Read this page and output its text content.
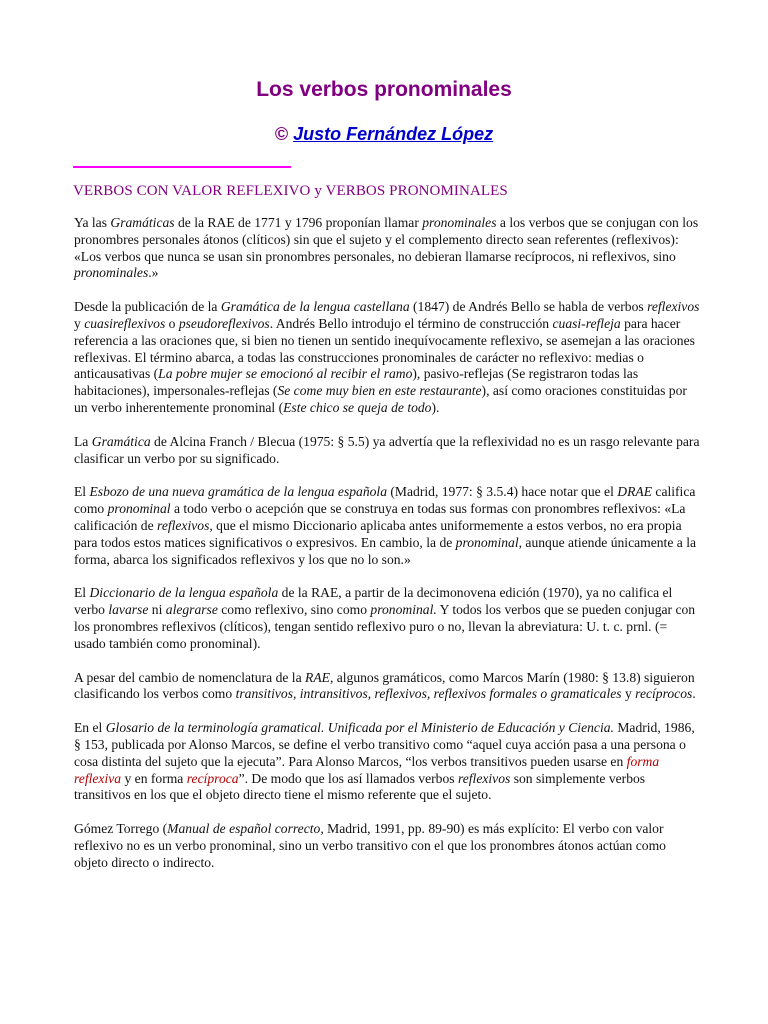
Los verbos pronominales
© Justo Fernández López
VERBOS CON VALOR REFLEXIVO y VERBOS PRONOMINALES

Ya las Gramáticas de la RAE de 1771 y 1796 proponían llamar pronominales a los verbos que se conjugan con los pronombres personales átonos (clíticos) sin que el sujeto y el complemento directo sean referentes (reflexivos): «Los verbos que nunca se usan sin pronombres personales, no debieran llamarse recíprocos, ni reflexivos, sino pronominales.»

Desde la publicación de la Gramática de la lengua castellana (1847) de Andrés Bello se habla de verbos reflexivos y cuasireflexivos o pseudoreflexivos. Andrés Bello introdujo el término de construcción cuasi-refleja para hacer referencia a las oraciones que, si bien no tienen un sentido inequívocamente reflexivo, se asemejan a las oraciones reflexivas. El término abarca, a todas las construcciones pronominales de carácter no reflexivo: medias o anticausativas (La pobre mujer se emocionó al recibir el ramo), pasivo-reflejas (Se registraron todas las habitaciones), impersonales-reflejas (Se come muy bien en este restaurante), así como oraciones constituidas por un verbo inherentemente pronominal (Este chico se queja de todo).

La Gramática de Alcina Franch / Blecua (1975: § 5.5) ya advertía que la reflexividad no es un rasgo relevante para clasificar un verbo por su significado.

El Esbozo de una nueva gramática de la lengua española (Madrid, 1977: § 3.5.4) hace notar que el DRAE califica como pronominal a todo verbo o acepción que se construya en todas sus formas con pronombres reflexivos: «La calificación de reflexivos, que el mismo Diccionario aplicaba antes uniformemente a estos verbos, no era propia para todos estos matices significativos o expresivos. En cambio, la de pronominal, aunque atiende únicamente a la forma, abarca los significados reflexivos y los que no lo son.»

El Diccionario de la lengua española de la RAE, a partir de la decimonovena edición (1970), ya no califica el verbo lavarse ni alegrarse como reflexivo, sino como pronominal. Y todos los verbos que se pueden conjugar con los pronombres reflexivos (clíticos), tengan sentido reflexivo puro o no, llevan la abreviatura: U. t. c. prnl. (= usado también como pronominal).

A pesar del cambio de nomenclatura de la RAE, algunos gramáticos, como Marcos Marín (1980: § 13.8) siguieron clasificando los verbos como transitivos, intransitivos, reflexivos, reflexivos formales o gramaticales y recíprocos.

En el Glosario de la terminología gramatical. Unificada por el Ministerio de Educación y Ciencia. Madrid, 1986, § 153, publicada por Alonso Marcos, se define el verbo transitivo como “aquel cuya acción pasa a una persona o cosa distinta del sujeto que la ejecuta”. Para Alonso Marcos, “los verbos transitivos pueden usarse en forma reflexiva y en forma recíproca”. De modo que los así llamados verbos reflexivos son simplemente verbos transitivos en los que el objeto directo tiene el mismo referente que el sujeto.

Gómez Torrego (Manual de español correcto, Madrid, 1991, pp. 89-90) es más explícito: El verbo con valor reflexivo no es un verbo pronominal, sino un verbo transitivo con el que los pronombres átonos actúan como objeto directo o indirecto.
